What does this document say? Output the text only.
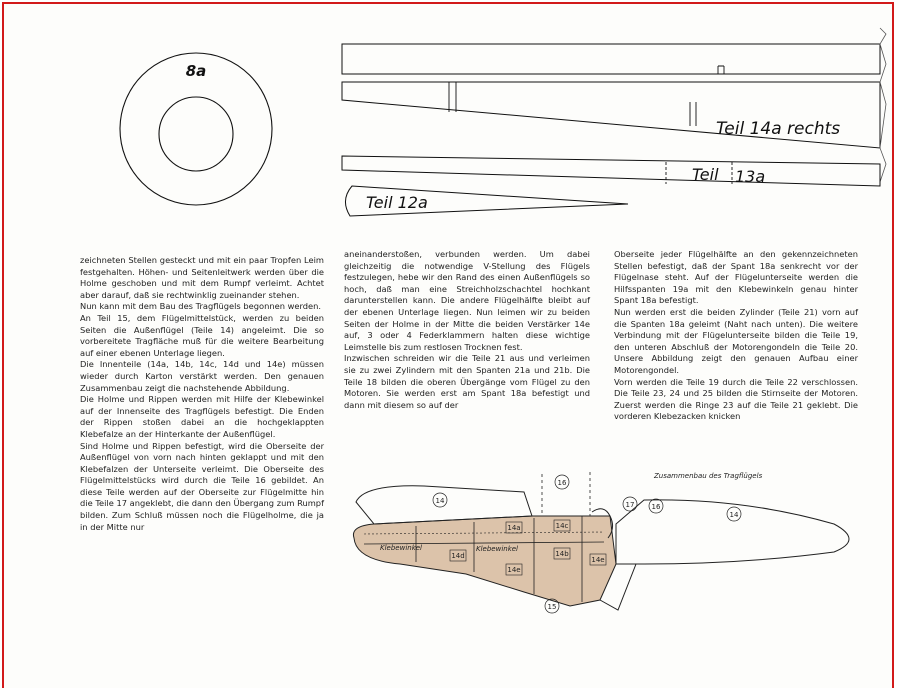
8a
Teil 14a rechts
Teil 13a
Teil 12a
Zusammenbau des Tragflügels
Klebewinkel	Klebewinkel
14
16
17 16
14
14a	14c
14d
14e
14b
14e
15

zeichneten Stellen gesteckt und mit ein paar Tropfen Leim festgehalten. Höhen- und Seitenleitwerk werden über die Holme geschoben und mit dem Rumpf verleimt. Achtet aber darauf, daß sie rechtwinklig zueinander stehen.

Nun kann mit dem Bau des Tragflügels begonnen werden.

An Teil 15, dem Flügelmittelstück, werden zu beiden Seiten die Außenflügel (Teile 14) angeleimt. Die so vorbereitete Tragfläche muß für die weitere Bearbeitung auf einer ebenen Unterlage liegen.

Die Innenteile (14a, 14b, 14c, 14d und 14e) müssen wieder durch Karton verstärkt werden. Den genauen Zusammenbau zeigt die nachstehende Abbildung.

Die Holme und Rippen werden mit Hilfe der Klebewinkel auf der Innenseite des Tragflügels befestigt. Die Enden der Rippen stoßen dabei an die hochgeklappten Klebefalze an der Hinterkante der Außenflügel.

Sind Holme und Rippen befestigt, wird die Oberseite der Außenflügel von vorn nach hinten geklappt und mit den Klebefalzen der Unterseite verleimt. Die Oberseite des Flügelmittelstücks wird durch die Teile 16 gebildet. An diese Teile werden auf der Oberseite zur Flügelmitte hin die Teile 17 angeklebt, die dann den Übergang zum Rumpf bilden. Zum Schluß müssen noch die Flügelholme, die ja in der Mitte nur

aneinanderstoßen, verbunden werden. Um dabei gleichzeitig die notwendige V-Stellung des Flügels festzulegen, hebe wir den Rand des einen Außenflügels so hoch, daß man eine Streichholzschachtel hochkant darunterstellen kann. Die andere Flügelhälfte bleibt auf der ebenen Unterlage liegen. Nun leimen wir zu beiden Seiten der Holme in der Mitte die beiden Verstärker 14e auf, 3 oder 4 Federklammern halten diese wichtige Leimstelle bis zum restlosen Trocknen fest.

Inzwischen schreiden wir die Teile 21 aus und verleimen sie zu zwei Zylindern mit den Spanten 21a und 21b. Die Teile 18 bilden die oberen Übergänge vom Flügel zu den Motoren. Sie werden erst am Spant 18a befestigt und dann mit diesem so auf der

Oberseite jeder Flügelhälfte an den gekennzeichneten Stellen befestigt, daß der Spant 18a senkrecht vor der Flügelnase steht. Auf der Flügelunterseite werden die Hilfsspanten 19a mit den Klebewinkeln genau hinter Spant 18a befestigt.

Nun werden erst die beiden Zylinder (Teile 21) vorn auf die Spanten 18a geleimt (Naht nach unten). Die weitere Verbindung mit der Flügelunterseite bilden die Teile 19, den unteren Abschluß der Motorengondeln die Teile 20. Unsere Abbildung zeigt den genauen Aufbau einer Motorengondel.

Vorn werden die Teile 19 durch die Teile 22 verschlossen. Die Teile 23, 24 und 25 bilden die Stirnseite der Motoren. Zuerst werden die Ringe 23 auf die Teile 21 geklebt. Die vorderen Klebezacken knicken
